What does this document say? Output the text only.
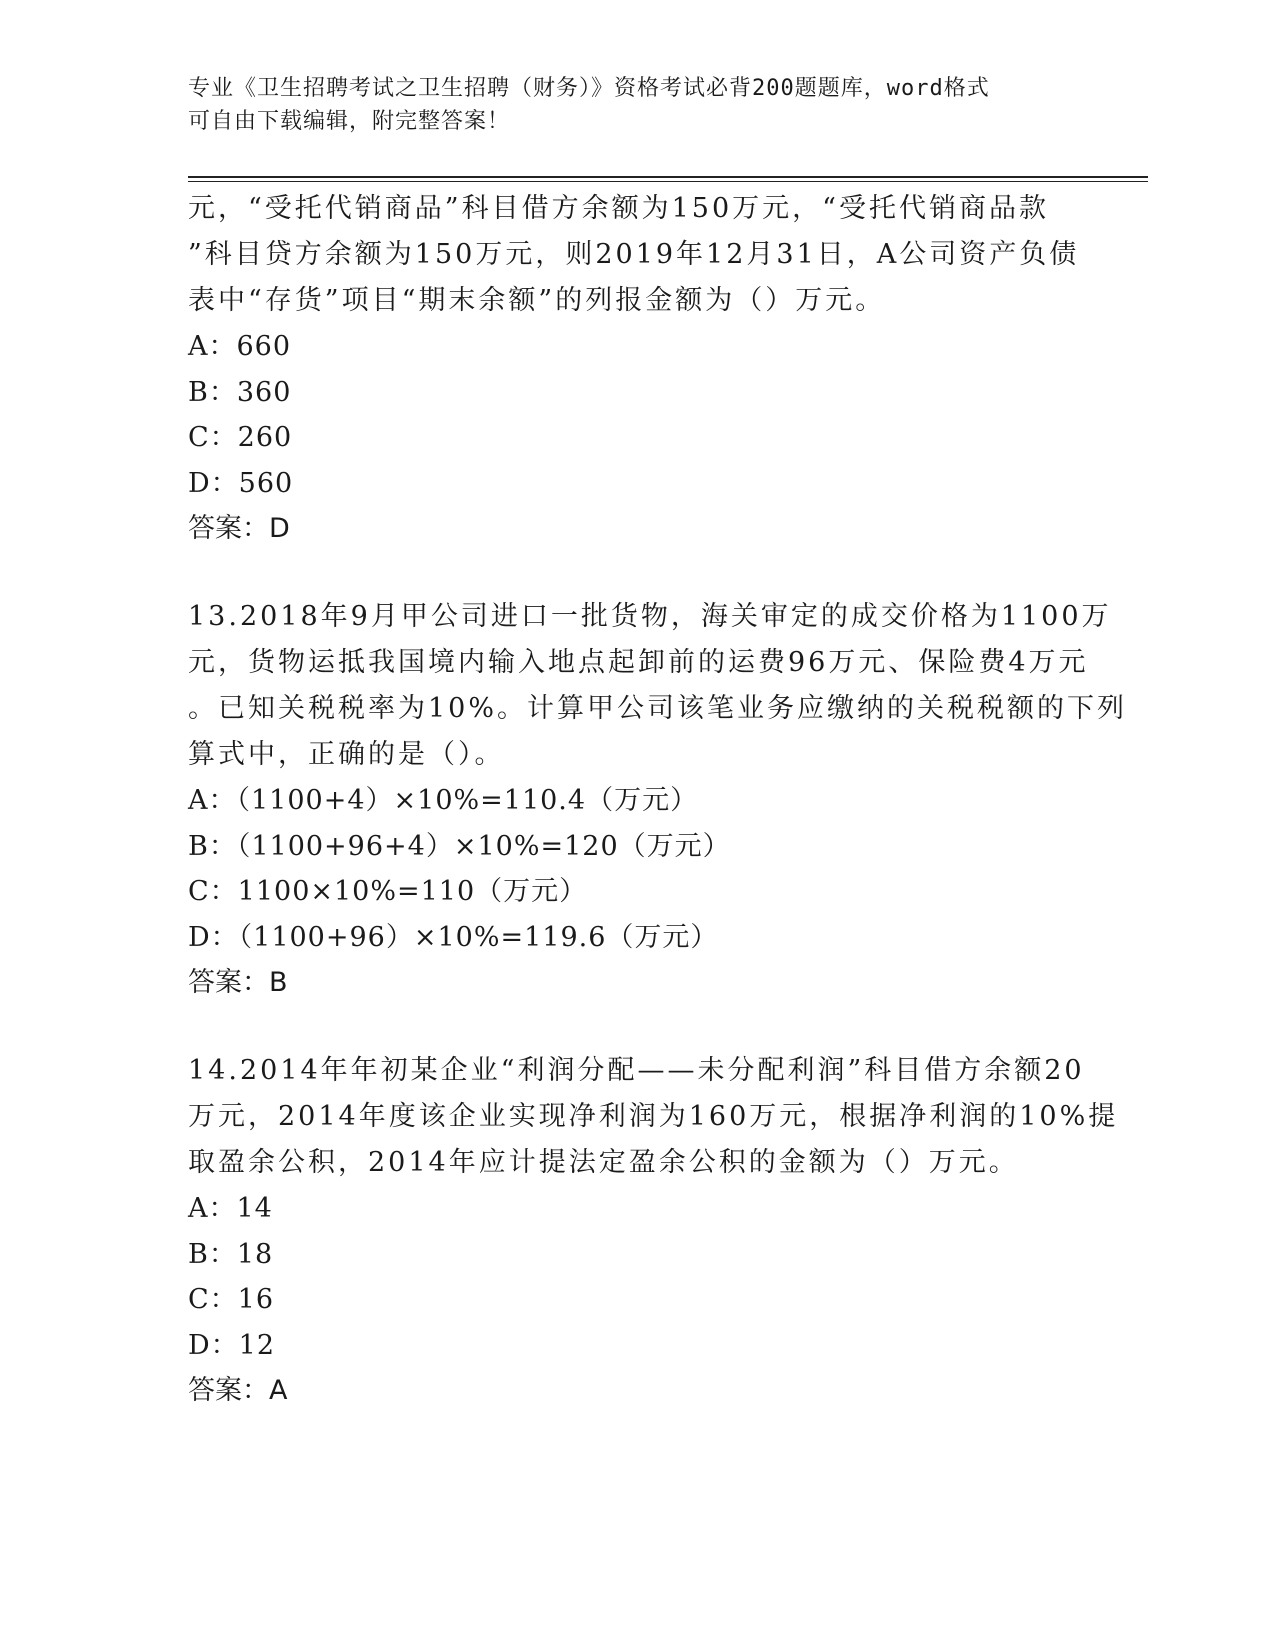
专业《卫生招聘考试之卫生招聘（财务）》资格考试必背200题题库，word格式
可自由下载编辑，附完整答案！
元，“受托代销商品”科目借方余额为150万元，“受托代销商品款
”科目贷方余额为150万元，则2019年12月31日，A公司资产负债
表中“存货”项目“期末余额”的列报金额为（）万元。
A：660
B：360
C：260
D：560
答案：D
13.2018年9月甲公司进口一批货物，海关审定的成交价格为1100万
元，货物运抵我国境内输入地点起卸前的运费96万元、保险费4万元
。已知关税税率为10%。计算甲公司该笔业务应缴纳的关税税额的下列
算式中，正确的是（）。
A：（1100+4）×10%=110.4（万元）
B：（1100+96+4）×10%=120（万元）
C：1100×10%=110（万元）
D：（1100+96）×10%=119.6（万元）
答案：B
14.2014年年初某企业“利润分配——未分配利润”科目借方余额20
万元，2014年度该企业实现净利润为160万元，根据净利润的10%提
取盈余公积，2014年应计提法定盈余公积的金额为（）万元。
A：14
B：18
C：16
D：12
答案：A
